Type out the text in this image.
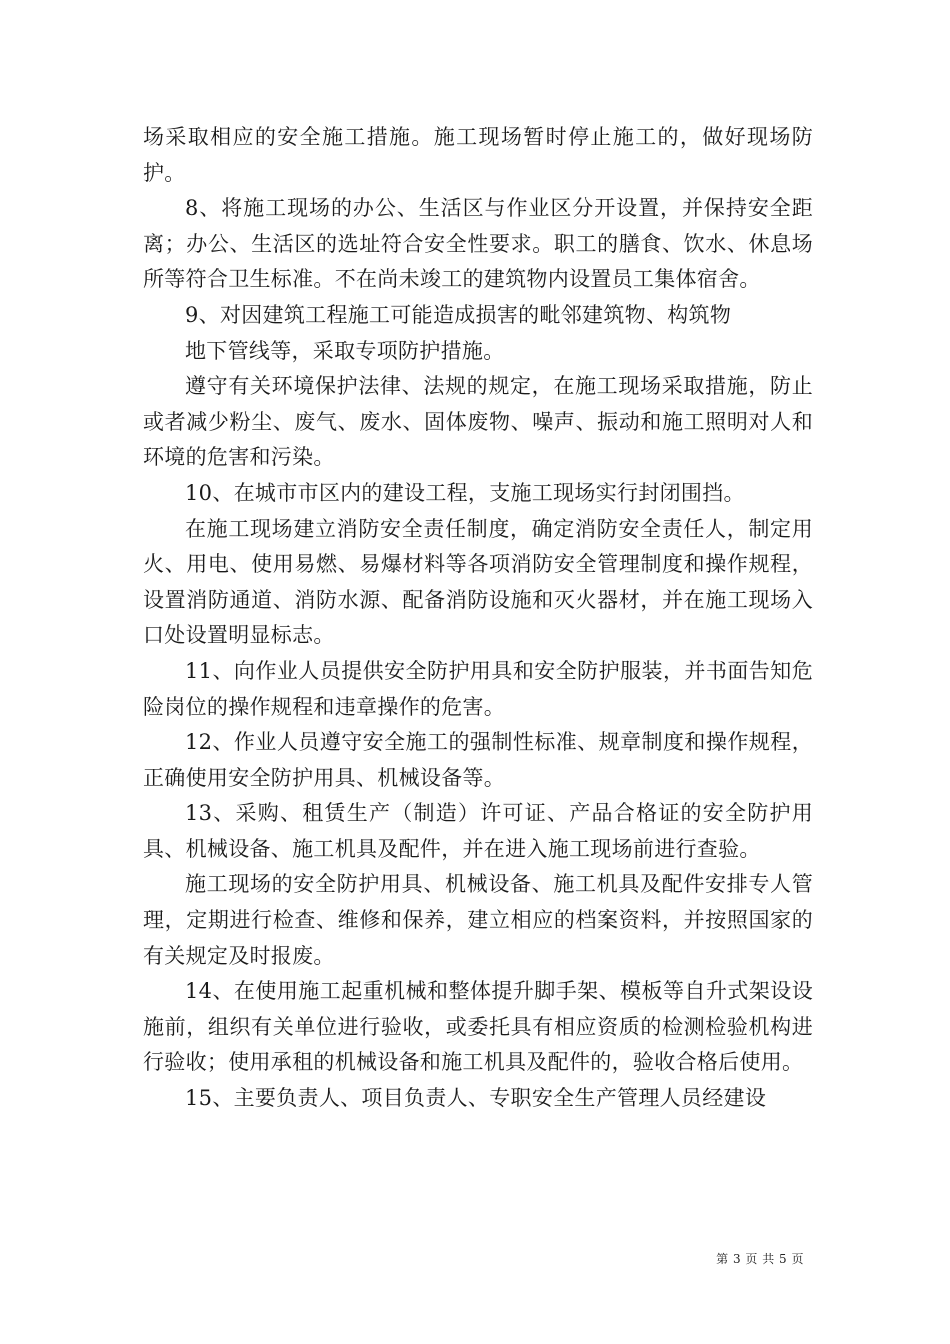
场采取相应的安全施工措施。施工现场暂时停止施工的，做好现场防护。

8、将施工现场的办公、生活区与作业区分开设置，并保持安全距离；办公、生活区的选址符合安全性要求。职工的膳食、饮水、休息场所等符合卫生标准。不在尚未竣工的建筑物内设置员工集体宿舍。

9、对因建筑工程施工可能造成损害的毗邻建筑物、构筑物

地下管线等，采取专项防护措施。

遵守有关环境保护法律、法规的规定，在施工现场采取措施，防止或者减少粉尘、废气、废水、固体废物、噪声、振动和施工照明对人和环境的危害和污染。

10、在城市市区内的建设工程，支施工现场实行封闭围挡。

在施工现场建立消防安全责任制度，确定消防安全责任人，制定用火、用电、使用易燃、易爆材料等各项消防安全管理制度和操作规程，设置消防通道、消防水源、配备消防设施和灭火器材，并在施工现场入口处设置明显标志。

11、向作业人员提供安全防护用具和安全防护服装，并书面告知危险岗位的操作规程和违章操作的危害。

12、作业人员遵守安全施工的强制性标准、规章制度和操作规程，正确使用安全防护用具、机械设备等。

13、采购、租赁生产（制造）许可证、产品合格证的安全防护用具、机械设备、施工机具及配件，并在进入施工现场前进行查验。

施工现场的安全防护用具、机械设备、施工机具及配件安排专人管理，定期进行检查、维修和保养，建立相应的档案资料，并按照国家的有关规定及时报废。

14、在使用施工起重机械和整体提升脚手架、模板等自升式架设设施前，组织有关单位进行验收，或委托具有相应资质的检测检验机构进行验收；使用承租的机械设备和施工机具及配件的，验收合格后使用。

15、主要负责人、项目负责人、专职安全生产管理人员经建设

第 3 页 共 5 页
